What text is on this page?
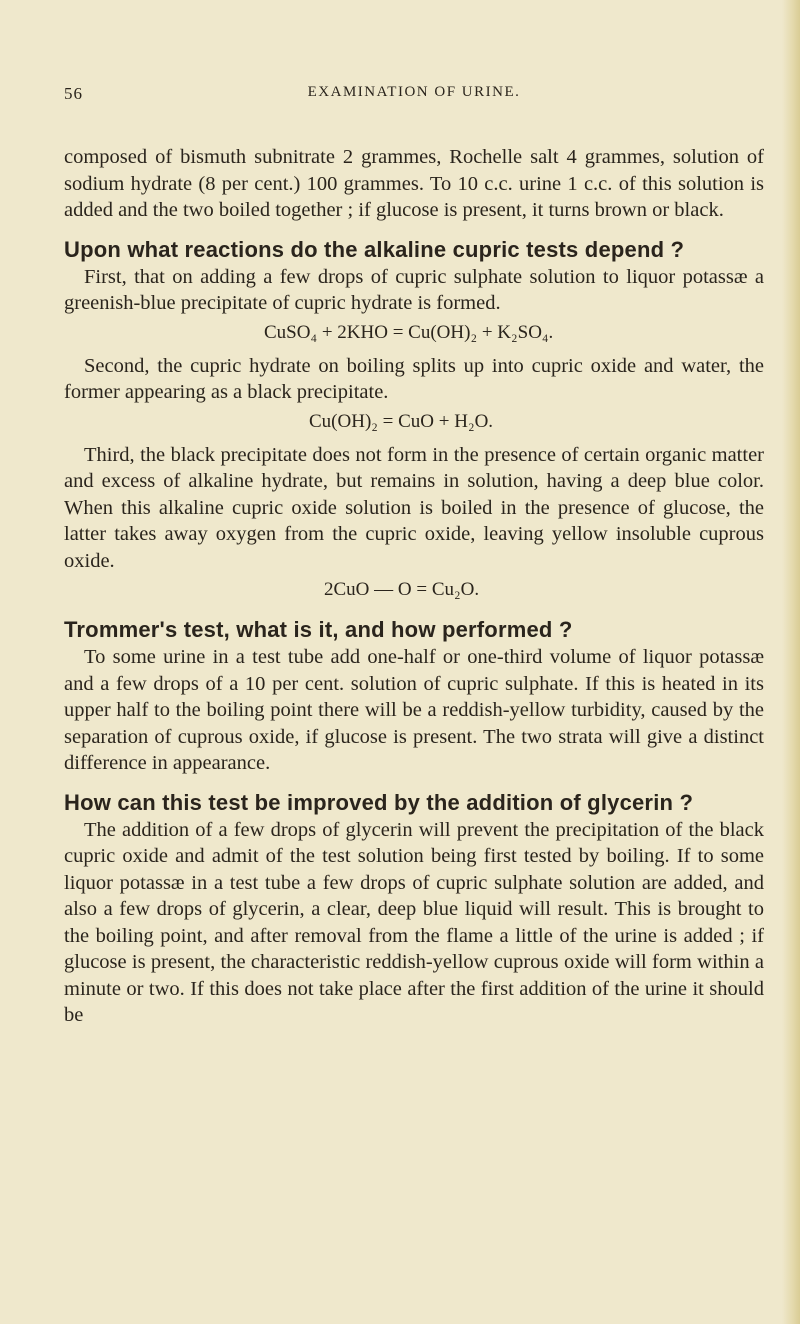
56	EXAMINATION OF URINE.

composed of bismuth subnitrate 2 grammes, Rochelle salt 4 grammes, solution of sodium hydrate (8 per cent.) 100 grammes. To 10 c.c. urine 1 c.c. of this solution is added and the two boiled together ; if glucose is present, it turns brown or black.

Upon what reactions do the alkaline cupric tests depend ?

First, that on adding a few drops of cupric sulphate solution to liquor potassæ a greenish-blue precipitate of cupric hydrate is formed.

CuSO₄ + 2KHO = Cu(OH)₂ + K₂SO₄.

Second, the cupric hydrate on boiling splits up into cupric oxide and water, the former appearing as a black precipitate.

Cu(OH)₂ = CuO + H₂O.

Third, the black precipitate does not form in the presence of certain organic matter and excess of alkaline hydrate, but remains in solution, having a deep blue color. When this alkaline cupric oxide solution is boiled in the presence of glucose, the latter takes away oxygen from the cupric oxide, leaving yellow insoluble cuprous oxide.

2CuO — O = Cu₂O.
Trommer's test, what is it, and how performed ?

To some urine in a test tube add one-half or one-third volume of liquor potassæ and a few drops of a 10 per cent. solution of cupric sulphate. If this is heated in its upper half to the boiling point there will be a reddish-yellow turbidity, caused by the separation of cuprous oxide, if glucose is present. The two strata will give a distinct difference in appearance.

How can this test be improved by the addition of glycerin ?

The addition of a few drops of glycerin will prevent the precipitation of the black cupric oxide and admit of the test solution being first tested by boiling. If to some liquor potassæ in a test tube a few drops of cupric sulphate solution are added, and also a few drops of glycerin, a clear, deep blue liquid will result. This is brought to the boiling point, and after removal from the flame a little of the urine is added ; if glucose is present, the characteristic reddish-yellow cuprous oxide will form within a minute or two. If this does not take place after the first addition of the urine it should be
